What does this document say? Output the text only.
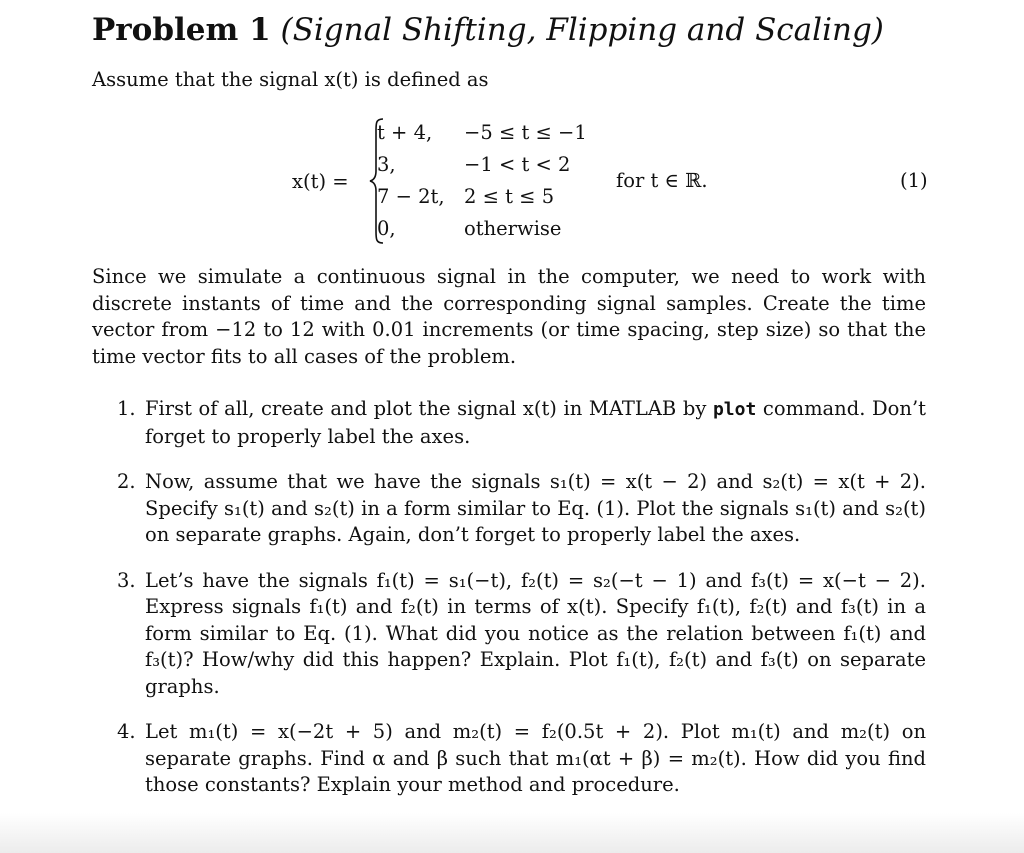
Problem 1 (Signal Shifting, Flipping and Scaling)
Assume that the signal x(t) is defined as
x(t) =
t + 4, −5 ≤ t ≤ −1
3,	−1 < t < 2
7 − 2t, 2 ≤ t ≤ 5
0,	otherwise
for t ∈ ℝ.	(1)
Since we simulate a continuous signal in the computer, we need to work with discrete instants of time and the corresponding signal samples. Create the time vector from −12 to 12 with 0.01 increments (or time spacing, step size) so that the time vector fits to all cases of the problem.
1. First of all, create and plot the signal x(t) in MATLAB by plot command. Don’t forget to properly label the axes.
2. Now, assume that we have the signals s₁(t) = x(t − 2) and s₂(t) = x(t + 2). Specify s₁(t) and s₂(t) in a form similar to Eq. (1). Plot the signals s₁(t) and s₂(t) on separate graphs. Again, don’t forget to properly label the axes.
3. Let’s have the signals f₁(t) = s₁(−t), f₂(t) = s₂(−t − 1) and f₃(t) = x(−t − 2). Express signals f₁(t) and f₂(t) in terms of x(t). Specify f₁(t), f₂(t) and f₃(t) in a form similar to Eq. (1). What did you notice as the relation between f₁(t) and f₃(t)? How/why did this happen? Explain. Plot f₁(t), f₂(t) and f₃(t) on separate graphs.
4. Let m₁(t) = x(−2t + 5) and m₂(t) = f₂(0.5t + 2). Plot m₁(t) and m₂(t) on separate graphs. Find α and β such that m₁(αt + β) = m₂(t). How did you find those constants? Explain your method and procedure.
